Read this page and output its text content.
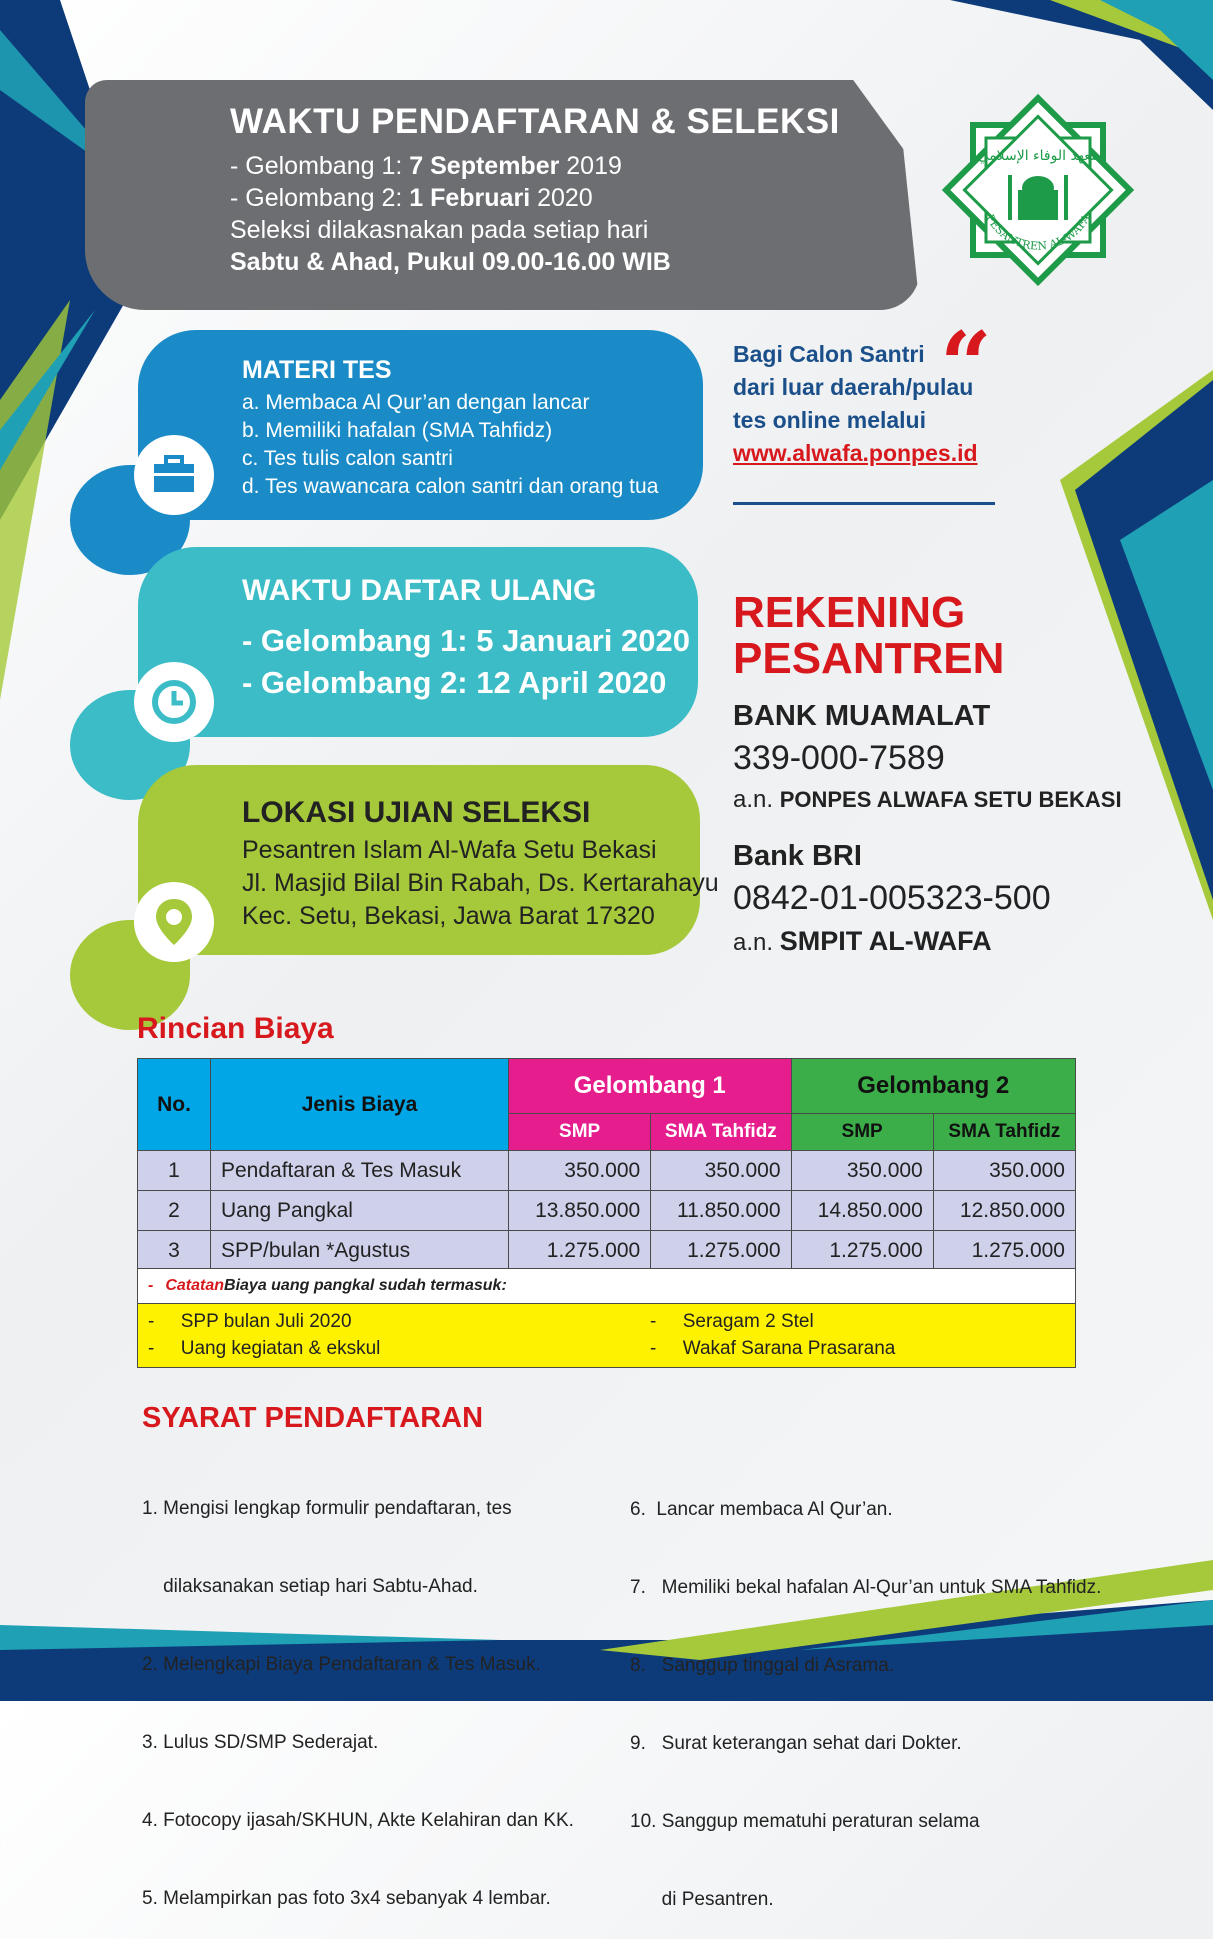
WAKTU PENDAFTARAN & SELEKSI
- Gelombang 1: 7 September 2019
- Gelombang 2: 1 Februari 2020
Seleksi dilakasnakan pada setiap hari
Sabtu & Ahad, Pukul 09.00-16.00 WIB
معهد الوفاء الإسلامي
PESANTREN AL-WAFA
MATERI TES
a. Membaca Al Qur’an dengan lancar
b. Memiliki hafalan (SMA Tahfidz)
c. Tes tulis calon santri
d. Tes wawancara calon santri dan orang tua
WAKTU DAFTAR ULANG
- Gelombang 1: 5 Januari 2020
- Gelombang 2: 12 April 2020
LOKASI UJIAN SELEKSI
Pesantren Islam Al-Wafa Setu Bekasi
Jl. Masjid Bilal Bin Rabah, Ds. Kertarahayu
Kec. Setu, Bekasi, Jawa Barat 17320
“
Bagi Calon Santri
dari luar daerah/pulau
tes online melalui
www.alwafa.ponpes.id
REKENING
PESANTREN
BANK MUAMALAT
339-000-7589
a.n. PONPES ALWAFA SETU BEKASI
Bank BRI
0842-01-005323-500
a.n. SMPIT AL-WAFA
Rincian Biaya
No.	Jenis Biaya	Gelombang 1		Gelombang 2	
		SMP	SMA Tahfidz	SMP	SMA Tahfidz
1	Pendaftaran & Tes Masuk	350.000	350.000	350.000	350.000
2	Uang Pangkal	13.850.000	11.850.000	14.850.000	12.850.000
3	SPP/bulan *Agustus	1.275.000	1.275.000	1.275.000	1.275.000
- Catatan Biaya uang pangkal sudah termasuk:
-     SPP bulan Juli 2020
-     Uang kegiatan & ekskul
-     Seragam 2 Stel
-     Wakaf Sarana Prasarana
SYARAT PENDAFTARAN

1. Mengisi lengkap formulir pendaftaran, tes

dilaksanakan setiap hari Sabtu-Ahad.

2. Melengkapi Biaya Pendaftaran & Tes Masuk.

3. Lulus SD/SMP Sederajat.

4. Fotocopy ijasah/SKHUN, Akte Kelahiran dan KK.

5. Melampirkan pas foto 3x4 sebanyak 4 lembar.

6.  Lancar membaca Al Qur’an.

7.   Memiliki bekal hafalan Al-Qur’an untuk SMA Tahfidz.

8.   Sanggup tinggal di Asrama.

9.   Surat keterangan sehat dari Dokter.

10. Sanggup mematuhi peraturan selama

di Pesantren.
